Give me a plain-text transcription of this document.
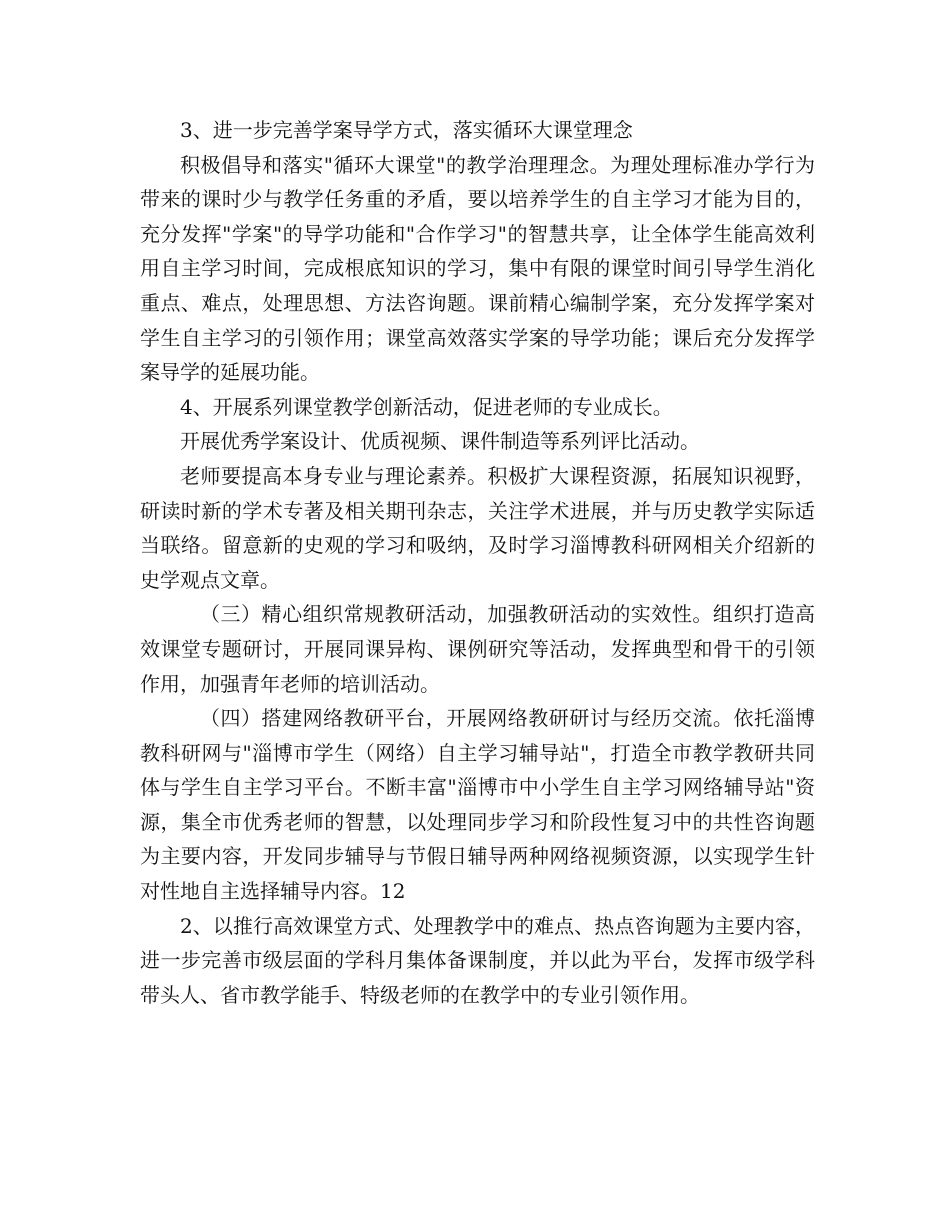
3、进一步完善学案导学方式，落实循环大课堂理念

积极倡导和落实"循环大课堂"的教学治理理念。为理处理标准办学行为带来的课时少与教学任务重的矛盾，要以培养学生的自主学习才能为目的，充分发挥"学案"的导学功能和"合作学习"的智慧共享，让全体学生能高效利用自主学习时间，完成根底知识的学习，集中有限的课堂时间引导学生消化重点、难点，处理思想、方法咨询题。课前精心编制学案，充分发挥学案对学生自主学习的引领作用；课堂高效落实学案的导学功能；课后充分发挥学案导学的延展功能。

4、开展系列课堂教学创新活动，促进老师的专业成长。

开展优秀学案设计、优质视频、课件制造等系列评比活动。

老师要提高本身专业与理论素养。积极扩大课程资源，拓展知识视野，研读时新的学术专著及相关期刊杂志，关注学术进展，并与历史教学实际适当联络。留意新的史观的学习和吸纳，及时学习淄博教科研网相关介绍新的史学观点文章。

（三）精心组织常规教研活动，加强教研活动的实效性。组织打造高效课堂专题研讨，开展同课异构、课例研究等活动，发挥典型和骨干的引领作用，加强青年老师的培训活动。

（四）搭建网络教研平台，开展网络教研研讨与经历交流。依托淄博教科研网与"淄博市学生（网络）自主学习辅导站"，打造全市教学教研共同体与学生自主学习平台。不断丰富"淄博市中小学生自主学习网络辅导站"资源，集全市优秀老师的智慧，以处理同步学习和阶段性复习中的共性咨询题为主要内容，开发同步辅导与节假日辅导两种网络视频资源，以实现学生针对性地自主选择辅导内容。12

2、以推行高效课堂方式、处理教学中的难点、热点咨询题为主要内容，进一步完善市级层面的学科月集体备课制度，并以此为平台，发挥市级学科带头人、省市教学能手、特级老师的在教学中的专业引领作用。
